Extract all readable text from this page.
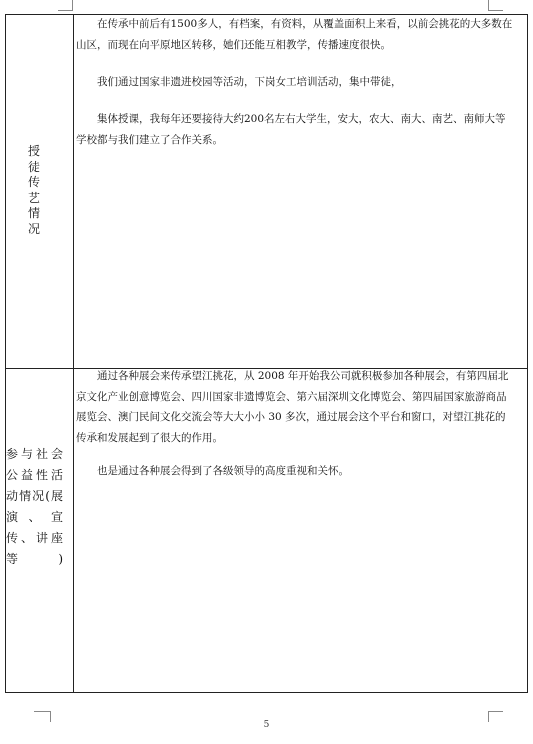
授徒传艺情况

在传承中前后有1500多人，有档案，有资料，从覆盖面积上来看，以前会挑花的大多数在山区，而现在向平原地区转移，她们还能互相教学，传播速度很快。

我们通过国家非遗进校园等活动，下岗女工培训活动，集中带徒，

集体授课，我每年还要接待大约200名左右大学生，安大，农大、南大、南艺、南师大等学校都与我们建立了合作关系。

参与社会公益性活动情况(展演、宣传、讲座等)

通过各种展会来传承望江挑花，从 2008 年开始我公司就积极参加各种展会，有第四届北京文化产业创意博览会、四川国家非遗博览会、第六届深圳文化博览会、第四届国家旅游商品展览会、澳门民间文化交流会等大大小小 30 多次，通过展会这个平台和窗口，对望江挑花的传承和发展起到了很大的作用。

也是通过各种展会得到了各级领导的高度重视和关怀。

5
